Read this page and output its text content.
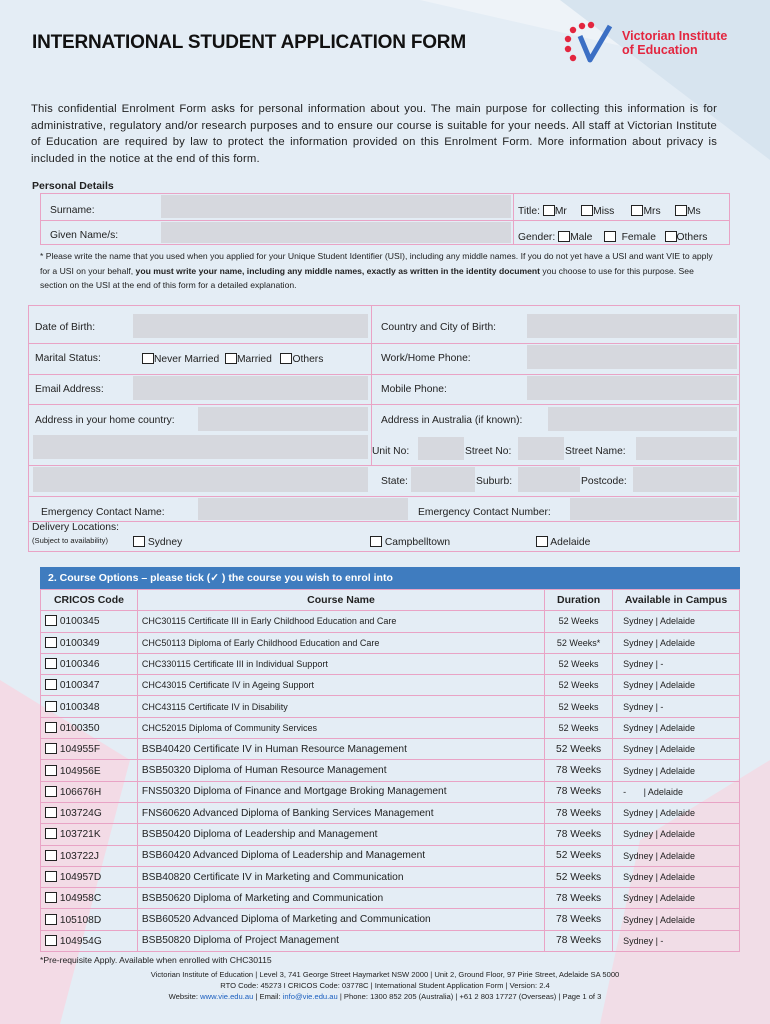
INTERNATIONAL STUDENT APPLICATION FORM	Victorian Institute
of Education
This confidential Enrolment Form asks for personal information about you. The main purpose for collecting this information is for administrative, regulatory and/or research purposes and to ensure our course is suitable for your needs. All staff at Victorian Institute of Education are required by law to protect the information provided on this Enrolment Form. More information about privacy is included in the notice at the end of this form.
Personal Details
Surname:
Given Name/s:
Title: Mr	Miss	Mrs	Ms
Gender: Male	Female Others
* Please write the name that you used when you applied for your Unique Student Identifier (USI), including any middle names. If you do not yet have a USI and want VIE to apply for a USI on your behalf, you must write your name, including any middle names, exactly as written in the identity document you choose to use for this purpose. See section on the USI at the end of this form for a detailed explanation.
Date of Birth:	Country and City of Birth:
Marital Status:	Never Married Married Others	Work/Home Phone:
Email Address:	Mobile Phone:
Address in your home country:	Address in Australia (if known):
Unit No:	Street No:	Street Name:
State:	Suburb:	Postcode:
Emergency Contact Name:	Emergency Contact Number:
Delivery Locations:
(Subject to availability)	Sydney	Campbelltown	Adelaide
2. Course Options – please tick (✓ ) the course you wish to enrol into
CRICOS Code	Course Name	Duration	Available in Campus
0100345	CHC30115 Certificate III in Early Childhood Education and Care	52 Weeks	Sydney | Adelaide
0100349	CHC50113 Diploma of Early Childhood Education and Care	52 Weeks*	Sydney | Adelaide
0100346	CHC330115 Certificate III in Individual Support	52 Weeks	Sydney | -
0100347	CHC43015 Certificate IV in Ageing Support	52 Weeks	Sydney | Adelaide
0100348	CHC43115 Certificate IV in Disability	52 Weeks	Sydney | -
0100350	CHC52015 Diploma of Community Services	52 Weeks	Sydney | Adelaide
104955F	BSB40420 Certificate IV in Human Resource Management	52 Weeks	Sydney | Adelaide
104956E	BSB50320 Diploma of Human Resource Management	78 Weeks	Sydney | Adelaide
106676H	FNS50320 Diploma of Finance and Mortgage Broking Management	78 Weeks	-       | Adelaide
103724G	FNS60620 Advanced Diploma of Banking Services Management	78 Weeks	Sydney | Adelaide
103721K	BSB50420 Diploma of Leadership and Management	78 Weeks	Sydney | Adelaide
103722J	BSB60420 Advanced Diploma of Leadership and Management	52 Weeks	Sydney | Adelaide
104957D	BSB40820 Certificate IV in Marketing and Communication	52 Weeks	Sydney | Adelaide
104958C	BSB50620 Diploma of Marketing and Communication	78 Weeks	Sydney | Adelaide
105108D	BSB60520 Advanced Diploma of Marketing and Communication	78 Weeks	Sydney | Adelaide
104954G	BSB50820 Diploma of Project Management	78 Weeks	Sydney | -
*Pre-requisite Apply. Available when enrolled with CHC30115
Victorian Institute of Education | Level 3, 741 George Street Haymarket NSW 2000 | Unit 2, Ground Floor, 97 Pirie Street, Adelaide SA 5000
RTO Code: 45273 I CRICOS Code: 03778C | International Student Application Form | Version: 2.4
Website: www.vie.edu.au | Email: info@vie.edu.au | Phone: 1300 852 205 (Australia) | +61 2 803 17727 (Overseas) | Page 1 of 3
